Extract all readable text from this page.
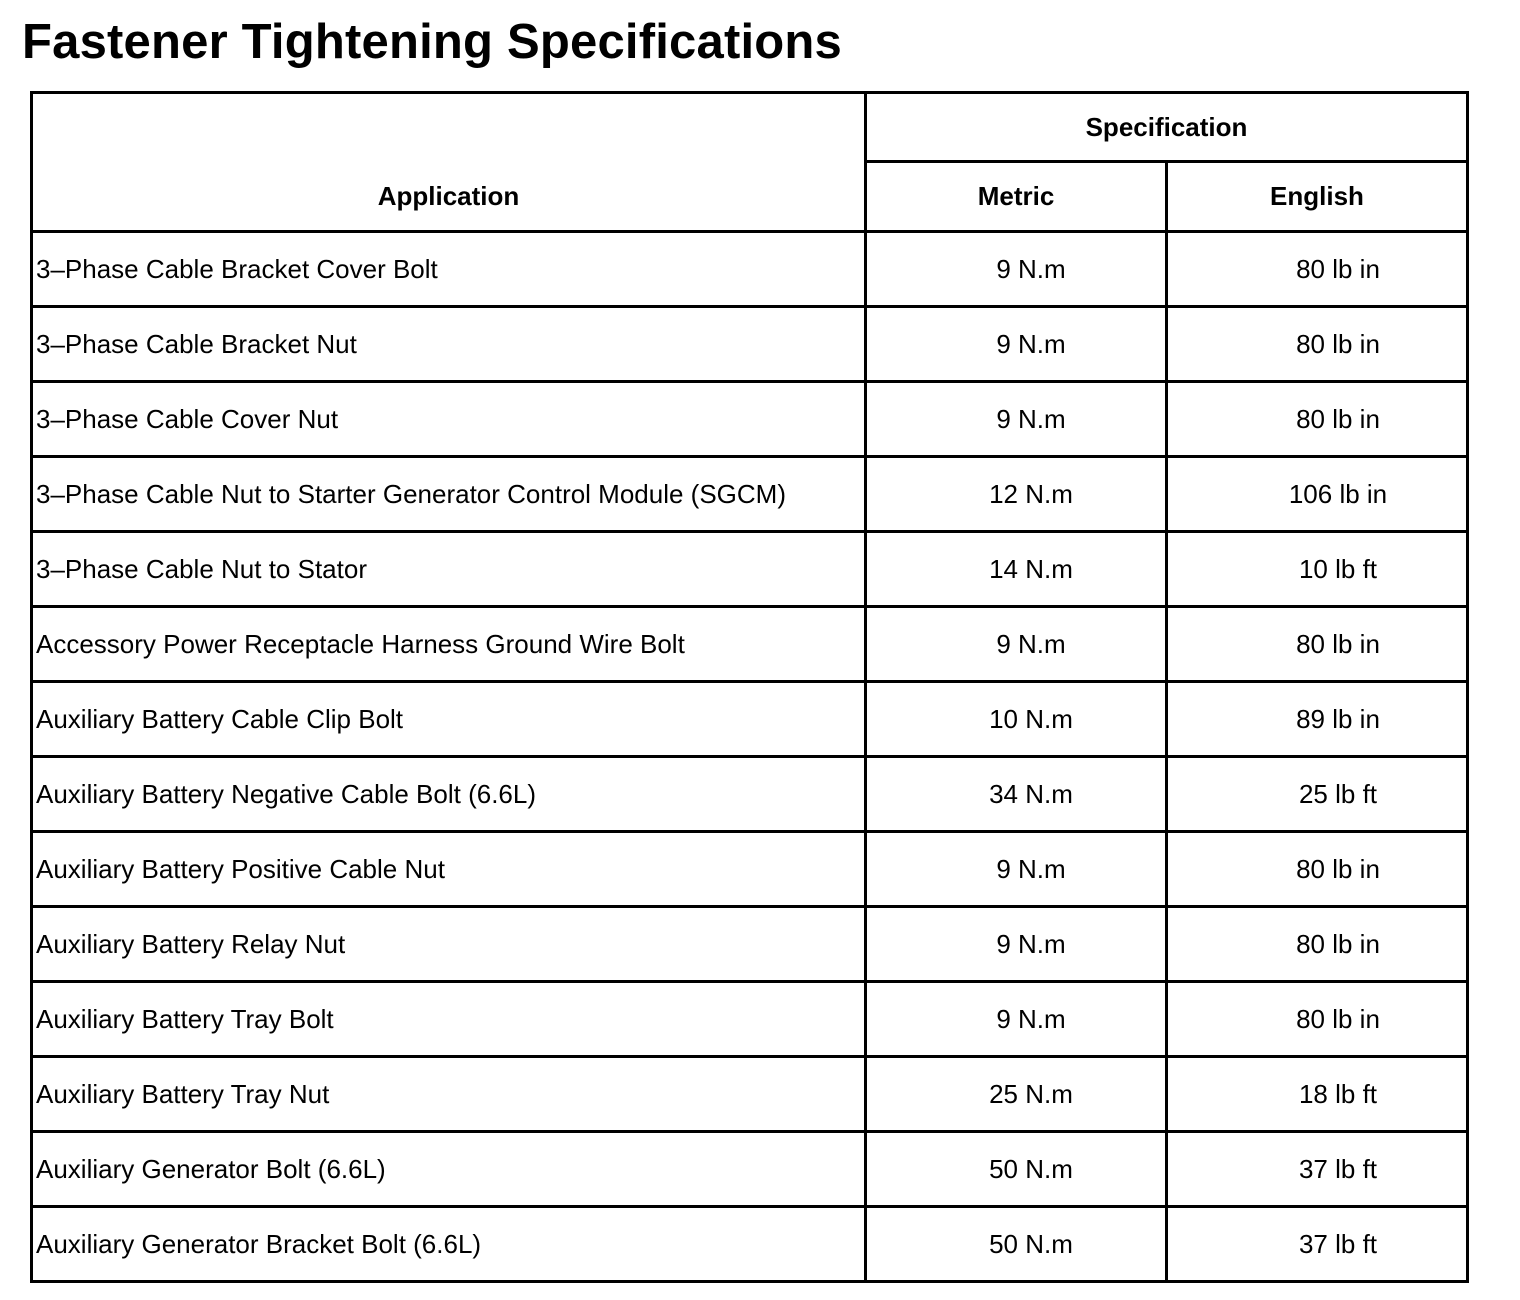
Fastener Tightening Specifications
Application	Specification	
	Metric	English
3–Phase Cable Bracket Cover Bolt	9 N.m	80 lb in
3–Phase Cable Bracket Nut	9 N.m	80 lb in
3–Phase Cable Cover Nut	9 N.m	80 lb in
3–Phase Cable Nut to Starter Generator Control Module (SGCM)	12 N.m	106 lb in
3–Phase Cable Nut to Stator	14 N.m	10 lb ft
Accessory Power Receptacle Harness Ground Wire Bolt	9 N.m	80 lb in
Auxiliary Battery Cable Clip Bolt	10 N.m	89 lb in
Auxiliary Battery Negative Cable Bolt (6.6L)	34 N.m	25 lb ft
Auxiliary Battery Positive Cable Nut	9 N.m	80 lb in
Auxiliary Battery Relay Nut	9 N.m	80 lb in
Auxiliary Battery Tray Bolt	9 N.m	80 lb in
Auxiliary Battery Tray Nut	25 N.m	18 lb ft
Auxiliary Generator Bolt (6.6L)	50 N.m	37 lb ft
Auxiliary Generator Bracket Bolt (6.6L)	50 N.m	37 lb ft
